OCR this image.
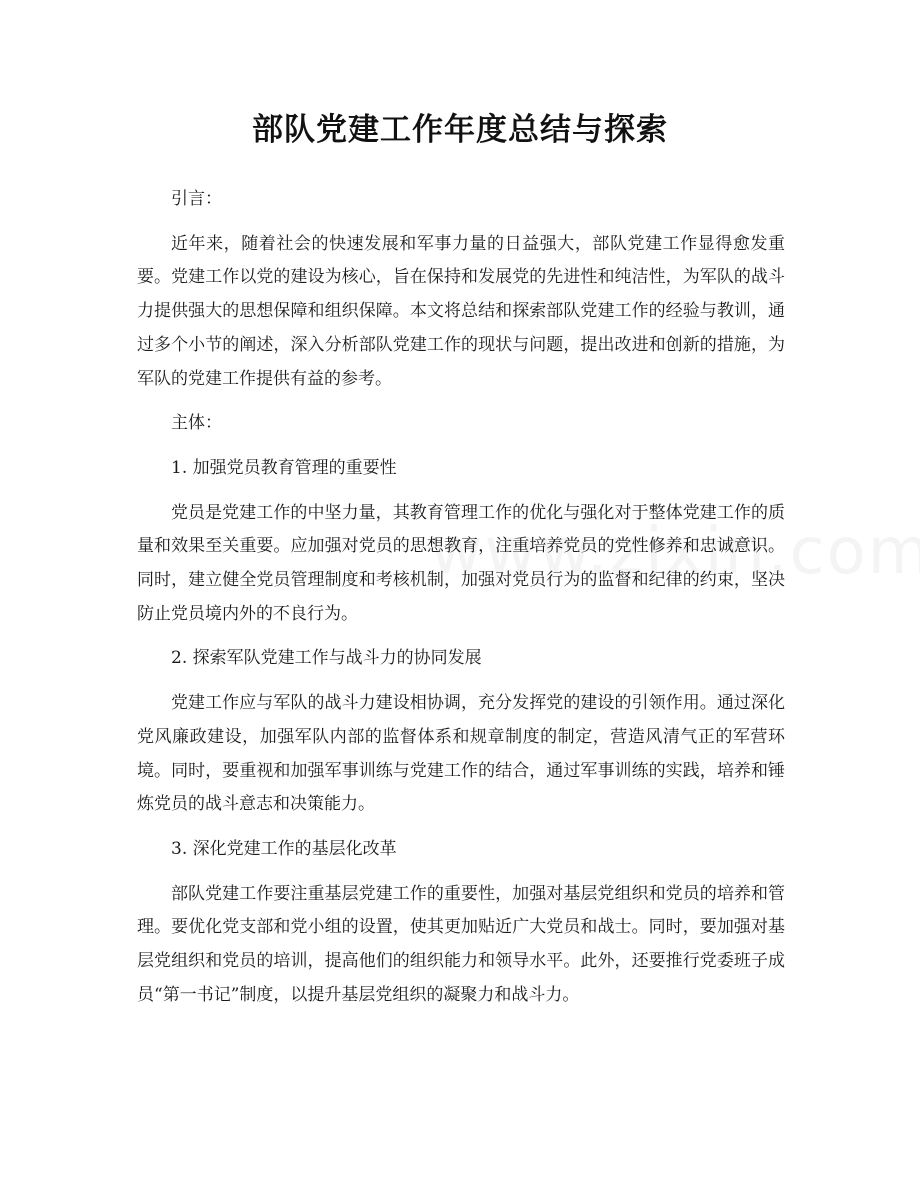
部队党建工作年度总结与探索

引言：

近年来，随着社会的快速发展和军事力量的日益强大，部队党建工作显得愈发重要。党建工作以党的建设为核心，旨在保持和发展党的先进性和纯洁性，为军队的战斗力提供强大的思想保障和组织保障。本文将总结和探索部队党建工作的经验与教训，通过多个小节的阐述，深入分析部队党建工作的现状与问题，提出改进和创新的措施，为军队的党建工作提供有益的参考。

主体：

1. 加强党员教育管理的重要性

党员是党建工作的中坚力量，其教育管理工作的优化与强化对于整体党建工作的质量和效果至关重要。应加强对党员的思想教育，注重培养党员的党性修养和忠诚意识。同时，建立健全党员管理制度和考核机制，加强对党员行为的监督和纪律的约束，坚决防止党员境内外的不良行为。

2. 探索军队党建工作与战斗力的协同发展

党建工作应与军队的战斗力建设相协调，充分发挥党的建设的引领作用。通过深化党风廉政建设，加强军队内部的监督体系和规章制度的制定，营造风清气正的军营环境。同时，要重视和加强军事训练与党建工作的结合，通过军事训练的实践，培养和锤炼党员的战斗意志和决策能力。

3. 深化党建工作的基层化改革

部队党建工作要注重基层党建工作的重要性，加强对基层党组织和党员的培养和管理。要优化党支部和党小组的设置，使其更加贴近广大党员和战士。同时，要加强对基层党组织和党员的培训，提高他们的组织能力和领导水平。此外，还要推行党委班子成员“第一书记”制度，以提升基层党组织的凝聚力和战斗力。
